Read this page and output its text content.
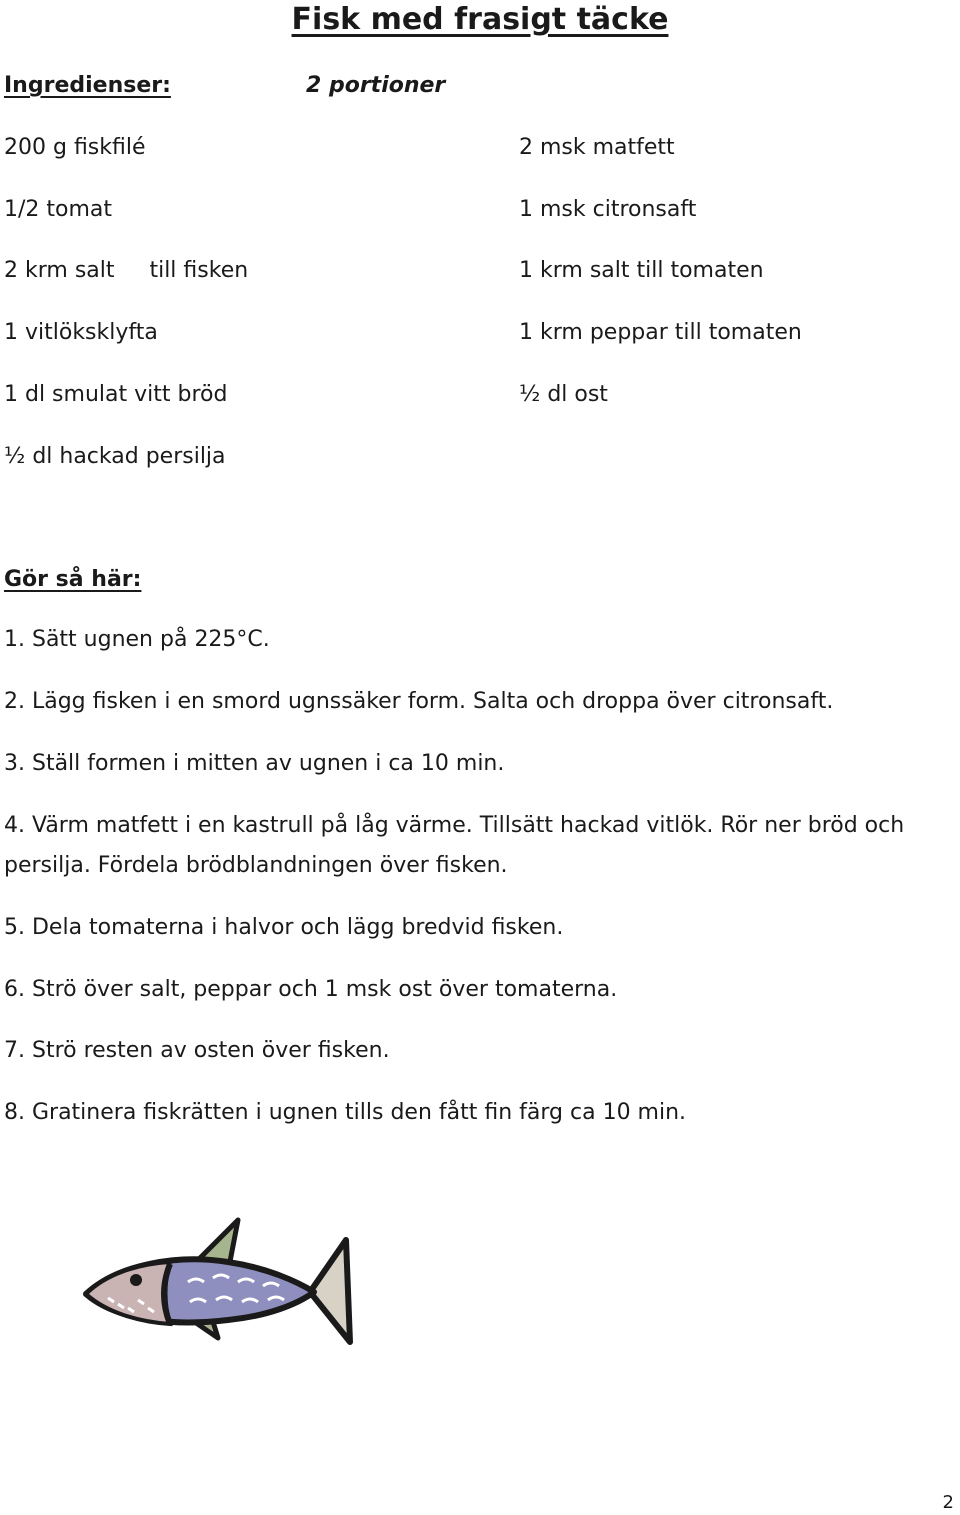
Fisk med frasigt täcke
Ingredienser:	2 portioner
200 g fiskfilé
1/2 tomat
2 krm salt     till fisken
1 vitlöksklyfta
1 dl smulat vitt bröd
½ dl hackad persilja
2 msk matfett
1 msk citronsaft
1 krm salt till tomaten
1 krm peppar till tomaten
½ dl ost
Gör så här:
1. Sätt ugnen på 225°C.
2. Lägg fisken i en smord ugnssäker form. Salta och droppa över citronsaft.
3. Ställ formen i mitten av ugnen i ca 10 min.
4. Värm matfett i en kastrull på låg värme. Tillsätt hackad vitlök. Rör ner bröd och persilja. Fördela brödblandningen över fisken.
5. Dela tomaterna i halvor och lägg bredvid fisken.
6. Strö över salt, peppar och 1 msk ost över tomaterna.
7. Strö resten av osten över fisken.
8. Gratinera fiskrätten i ugnen tills den fått fin färg ca 10 min.
2
